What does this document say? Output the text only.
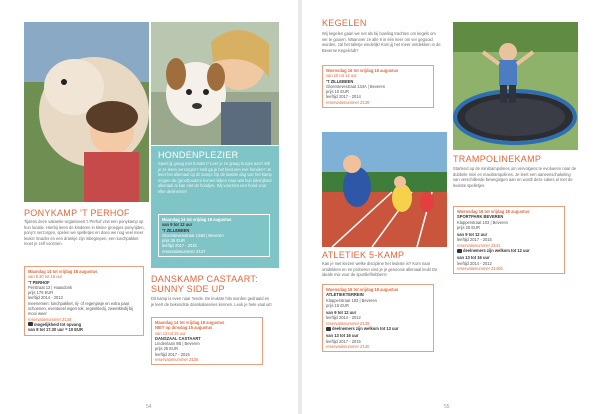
HONDENPLEZIER
Speel jij graag met honden? Leer je ze graag trucjes aan? Wil je ze leren verzorgen? Heb ga je het best een eve honden? Je leert het allemaal op dit kamp! Op de laatste dag van het kamp mogen de (groot)ouders komen kijken naar wat hun (klein)kind allemaal al kan met de hondjes. Wij voorzien een hond voor elke deelnemer!
Maandag 14 tot vrijdag 18 augustus
van 9 tot 12 uur
'T ZILLEBEEN
Gloerstevenstraat 134B | Beveren
prijs 35 EUR
leeftijd 2017 - 2015
reservatienummer Z137
PONYKAMP 'T PERHOF
Tijdens deze vakantie-organiseert 't Perhof vzw een ponykamp op hun locatie. Hierbij leren de kinderen in kleine groepjes ponyrijden, pony's verzorgen, spelen we spelletjes en doen we nog veel meer leuks! Snacks en een drankje zijn inbegrepen, een lunchpakket moet je zelf voorzien.
Maandag 14 tot vrijdag 18 augustus
van 9.30 tot 16 uur
'T PERHOF
Perstraat 13 | Haasdonk
prijs 176 EUR
leeftijd 2014 - 2013
meenemen: lunchpakket, rij- of regenjasje en extra paar schoenen, eventueel eigen tok, regenkledij, zweetkledij bij mooi weer
reservatienummer Z134
mogelijkheid tot opvang
van 8 tot 17.30 uur = 10 EUR
DANSKAMP CASTAART:
SUNNY SIDE UP
Dit kamp is even naar 'tende. De leukste hits worden gedraaid en je leert de bekendste danskalaseries kennen. Leuk je hele vaal uit!
Maandag 14 tot vrijdag 18 augustus
NIET op dinsdag 15 augustus
van 13 tot 15 uur
DANSZAAL CASTAART
Lindenlaan 9B | Beveren
prijs 25 EUR
leeftijd 2017 - 2015
reservatienummer Z138
54
KEGELEN
Wij kegelen gaan we net als bij bowling trachten om kegels om ver te gooien. Waarover ze alle 9 in één keer om ver gegooid worden, zal het talletje eindelijk! Kom jij het meer ontdekken in de Beverse Kegelclub?
Woensdag 16 tot vrijdag 18 augustus
van 10 tot 12 uur
'T ZILLEBEEN
Gloerstevestraat 134A | Beveren
prijs 10 EUR
leeftijd 2017 - 2014
reservatienummer Z136
ATLETIEK 5-KAMP
Kan je niet kiezen welke discipline het leukste is? Kom naar ontdekken en en proberen vind je je genoceie allemaal leuk! De ideale mix voor de sportliefhebbers!
Woensdag 16 tot vrijdag 18 augustus
ATLETIEKTERREIN
Klapperstraat 183 | Beveren
prijs 15 EUR
van 9 tot 12 uur
leeftijd 2014 - 2012
reservatienummer Z139
deelnemers zijn welkom tot 13 uur
van 13 tot 16 uur
leeftijd 2017 - 2015
reservatienummer Z140
TRAMPOLINEKAMP
Startend op de minitrampolines om vervolgens te evolueren naar de dubbele mini en maxitrampolines. Je leert een aaneenschakeling van verschillende bewegingen aan en wordt deze cakes al met de leukste spelletjes.
Woensdag 16 tot vrijdag 18 augustus
SPORTPARK BEVEREN
Klapperstraat 103 | Beveren
prijs 25 EUR
van 9 tot 12 uur
leeftijd 2017 - 2015
reservatienummer Z141
deelnemers zijn welkom tot 12 uur
van 13 tot 16 uur
leeftijd 2014 - 2012
reservatienummer Z140b
55
